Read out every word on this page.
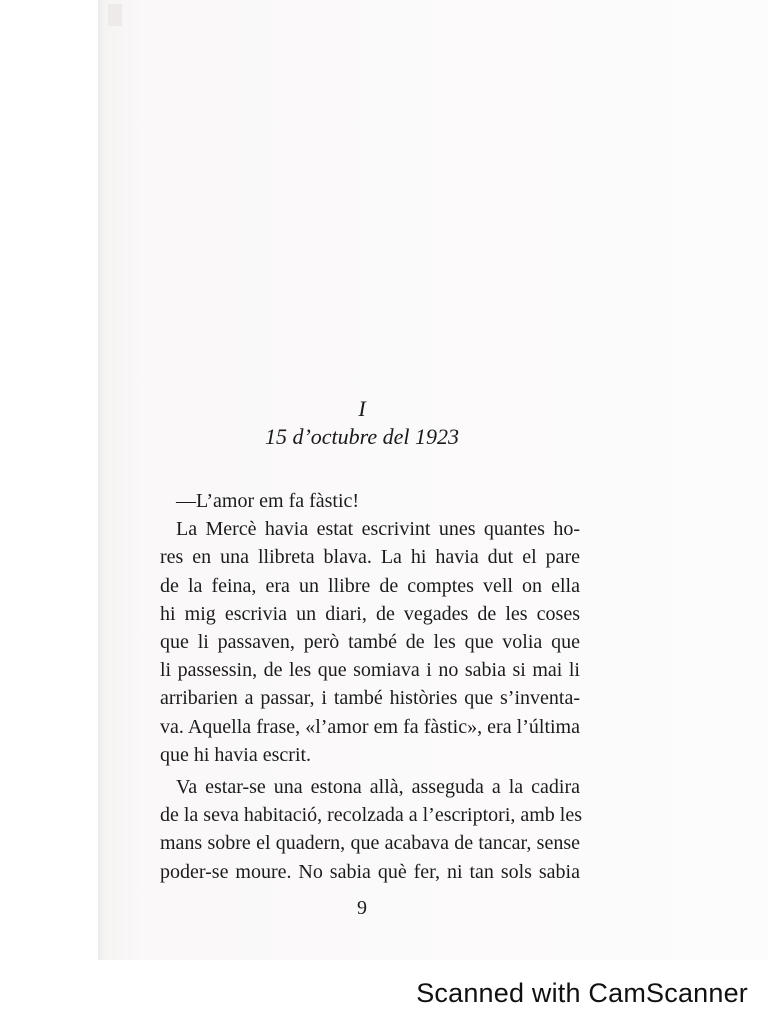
I
15 d’octubre del 1923
—L’amor em fa fàstic!
La Mercè havia estat escrivint unes quantes ho-
res en una llibreta blava. La hi havia dut el pare
de la feina, era un llibre de comptes vell on ella
hi mig escrivia un diari, de vegades de les coses
que li passaven, però també de les que volia que
li passessin, de les que somiava i no sabia si mai li
arribarien a passar, i també històries que s’inventa-
va. Aquella frase, «l’amor em fa fàstic», era l’última
que hi havia escrit.
Va estar-se una estona allà, asseguda a la cadira
de la seva habitació, recolzada a l’escriptori, amb les
mans sobre el quadern, que acabava de tancar, sense
poder-se moure. No sabia què fer, ni tan sols sabia
9
Scanned with CamScanner
